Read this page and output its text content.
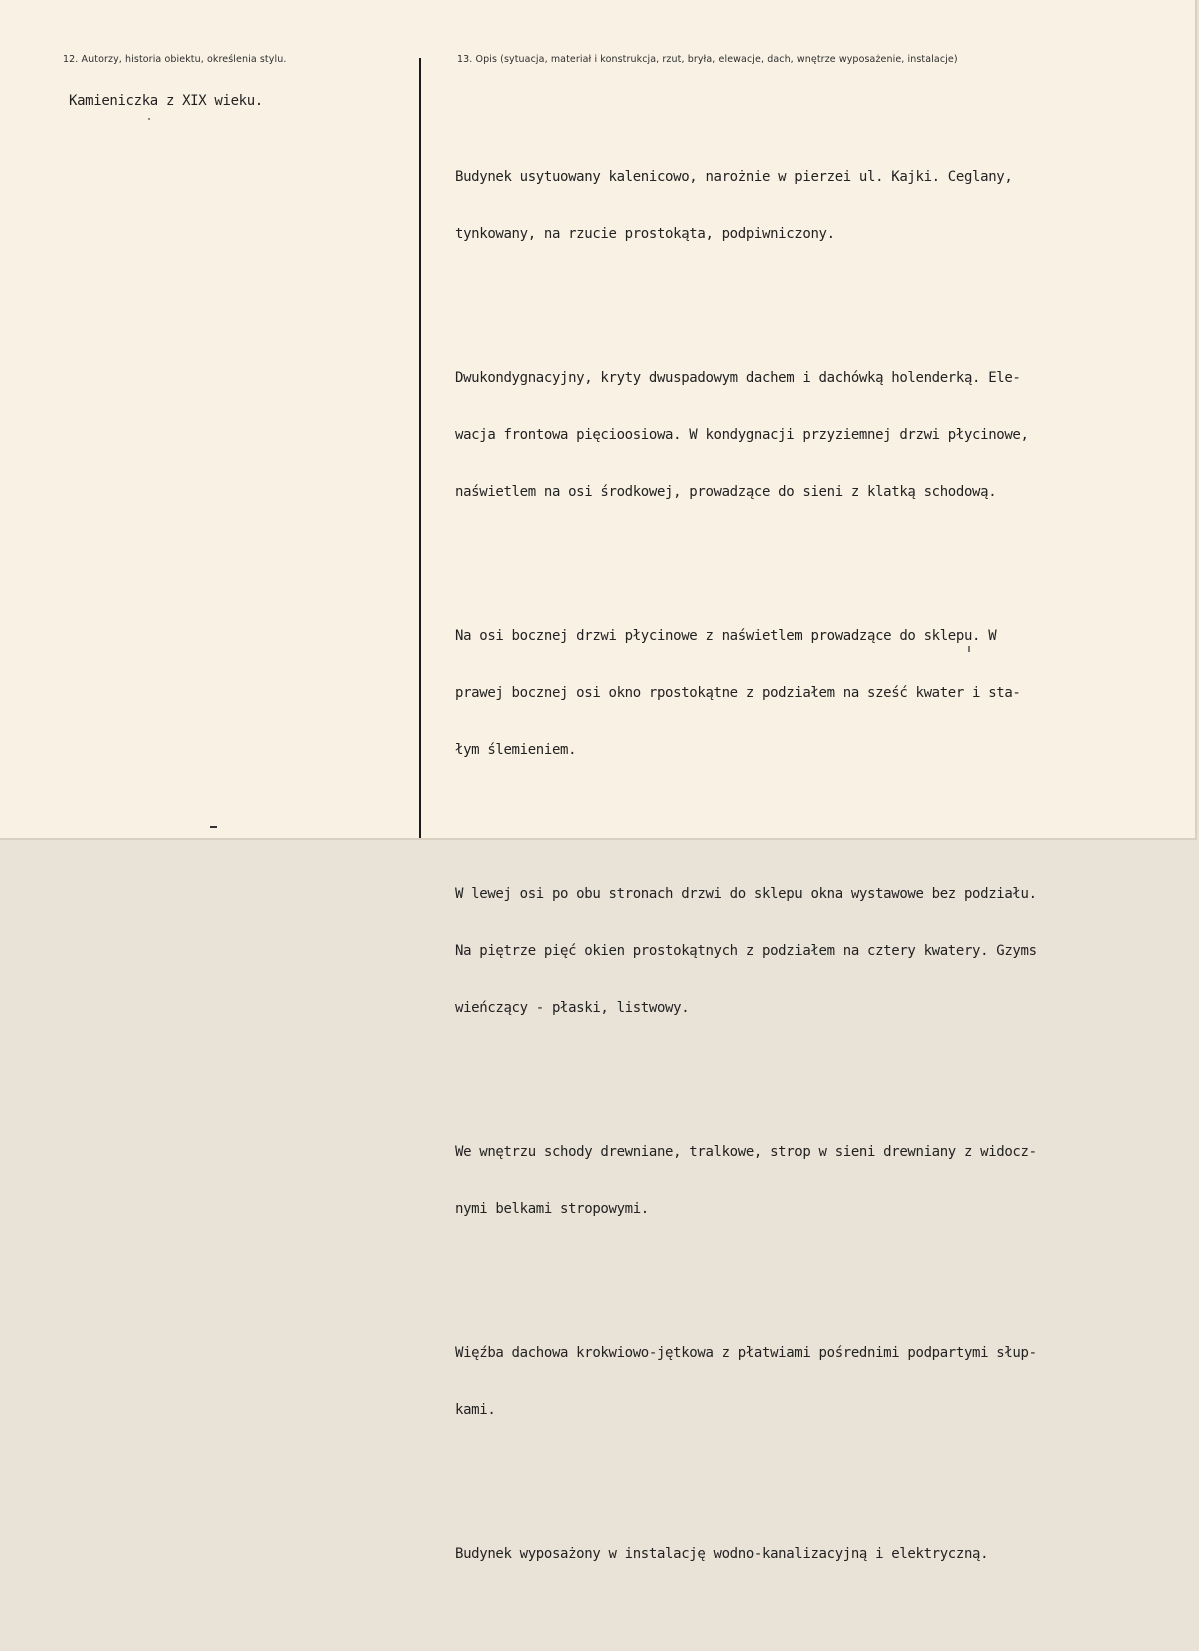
12. Autorzy, historia obiektu, określenia stylu.	13. Opis (sytuacja, materiał i konstrukcja, rzut, bryła, elewacje, dach, wnętrze wyposażenie, instalacje)
Kamieniczka z XIX wieku.

Budynek usytuowany kalenicowo, narożnie w pierzei ul. Kajki. Ceglany,

tynkowany, na rzucie prostokąta, podpiwniczony.

Dwukondygnacyjny, kryty dwuspadowym dachem i dachówką holenderką. Ele-

wacja frontowa pięcioosiowa. W kondygnacji przyziemnej drzwi płycinowe,

naświetlem na osi środkowej, prowadzące do sieni z klatką schodową.

Na osi bocznej drzwi płycinowe z naświetlem prowadzące do sklepu. W

prawej bocznej osi okno rpostokątne z podziałem na sześć kwater i sta-

łym ślemieniem.

W lewej osi po obu stronach drzwi do sklepu okna wystawowe bez podziału.

Na piętrze pięć okien prostokątnych z podziałem na cztery kwatery. Gzyms

wieńczący - płaski, listwowy.

We wnętrzu schody drewniane, tralkowe, strop w sieni drewniany z widocz-

nymi belkami stropowymi.

Więźba dachowa krokwiowo-jętkowa z płatwiami pośrednimi podpartymi słup-

kami.

Budynek wyposażony w instalację wodno-kanalizacyjną i elektryczną.
